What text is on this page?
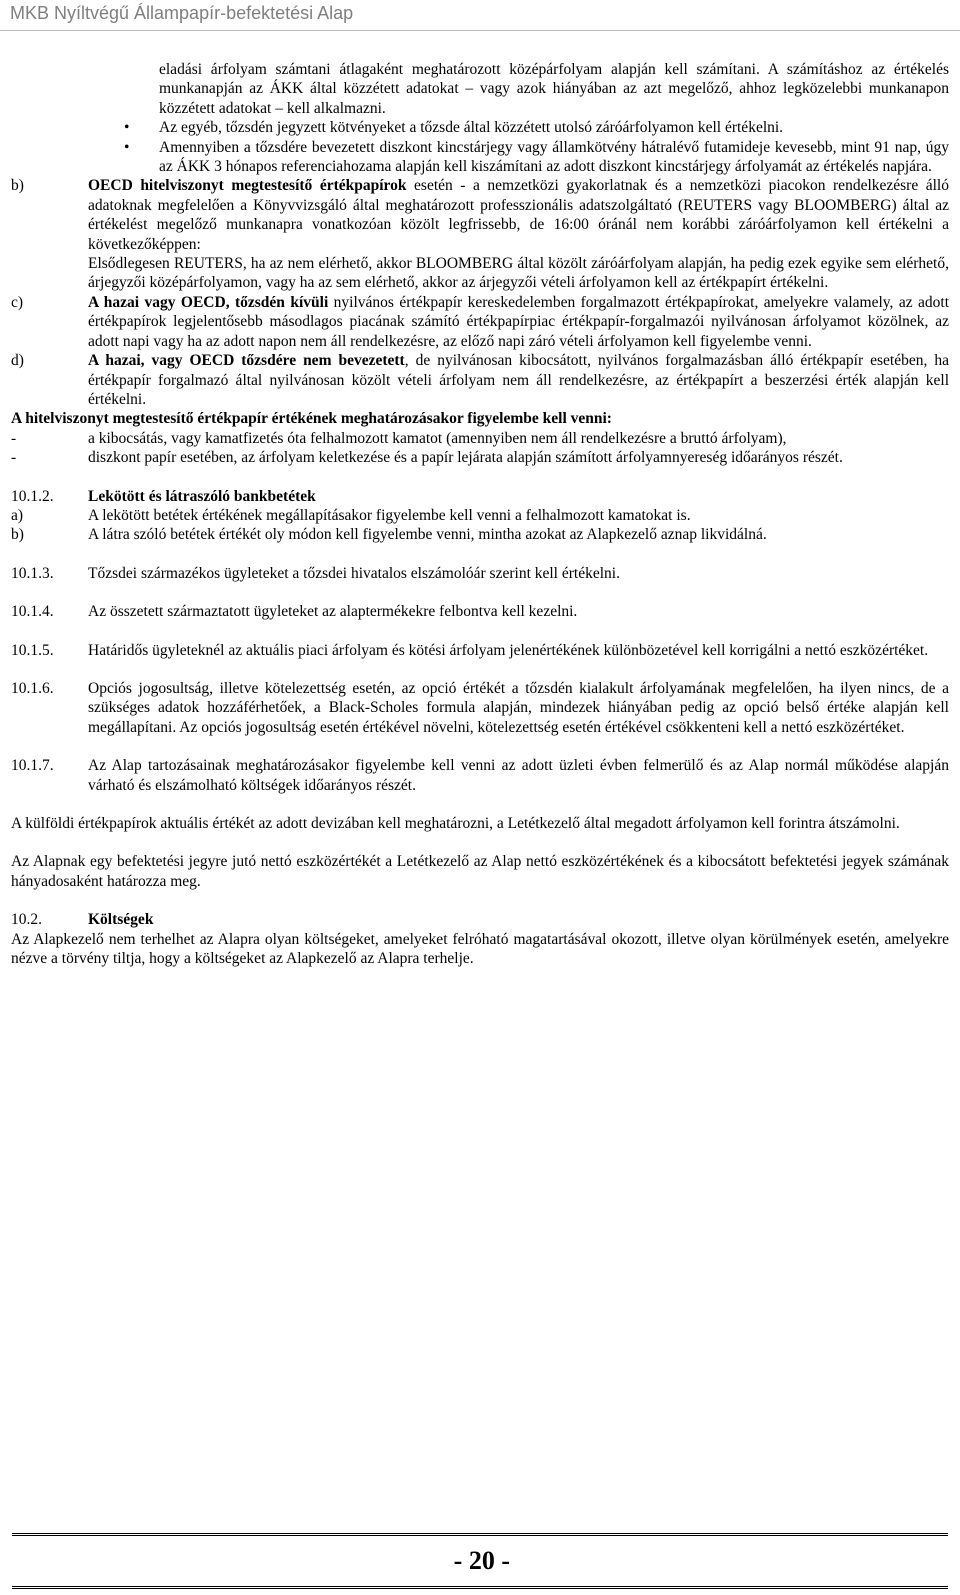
MKB Nyíltvégű Állampapír-befektetési Alap

eladási árfolyam számtani átlagaként meghatározott középárfolyam alapján kell számítani. A számításhoz az értékelés munkanapján az ÁKK által közzétett adatokat – vagy azok hiányában az azt megelőző, ahhoz legközelebbi munkanapon közzétett adatokat – kell alkalmazni.

• Az egyéb, tőzsdén jegyzett kötvényeket a tőzsde által közzétett utolsó záróárfolyamon kell értékelni.

• Amennyiben a tőzsdére bevezetett diszkont kincstárjegy vagy államkötvény hátralévő futamideje kevesebb, mint 91 nap, úgy az ÁKK 3 hónapos referenciahozama alapján kell kiszámítani az adott diszkont kincstárjegy árfolyamát az értékelés napjára.

b)	OECD hitelviszonyt megtestesítő értékpapírok esetén - a nemzetközi gyakorlatnak és a nemzetközi piacokon rendelkezésre álló adatoknak megfelelően a Könyvvizsgáló által meghatározott professzionális adatszolgáltató (REUTERS vagy BLOOMBERG) által az értékelést megelőző munkanapra vonatkozóan közölt legfrissebb, de 16:00 óránál nem korábbi záróárfolyamon kell értékelni a következőképpen:

Elsődlegesen REUTERS, ha az nem elérhető, akkor BLOOMBERG által közölt záróárfolyam alapján, ha pedig ezek egyike sem elérhető, árjegyzői középárfolyamon, vagy ha az sem elérhető, akkor az árjegyzői vételi árfolyamon kell az értékpapírt értékelni.

c)	A hazai vagy OECD, tőzsdén kívüli nyilvános értékpapír kereskedelemben forgalmazott értékpapírokat, amelyekre valamely, az adott értékpapírok legjelentősebb másodlagos piacának számító értékpapírpiac értékpapír-forgalmazói nyilvánosan árfolyamot közölnek, az adott napi vagy ha az adott napon nem áll rendelkezésre, az előző napi záró vételi árfolyamon kell figyelembe venni.

d)	A hazai, vagy OECD tőzsdére nem bevezetett, de nyilvánosan kibocsátott, nyilvános forgalmazásban álló értékpapír esetében, ha értékpapír forgalmazó által nyilvánosan közölt vételi árfolyam nem áll rendelkezésre, az értékpapírt a beszerzési érték alapján kell értékelni.

A hitelviszonyt megtestesítő értékpapír értékének meghatározásakor figyelembe kell venni:

-	a kibocsátás, vagy kamatfizetés óta felhalmozott kamatot (amennyiben nem áll rendelkezésre a bruttó árfolyam),

-	diszkont papír esetében, az árfolyam keletkezése és a papír lejárata alapján számított árfolyamnyereség időarányos részét.

10.1.2. Lekötött és látraszóló bankbetétek

a)	A lekötött betétek értékének megállapításakor figyelembe kell venni a felhalmozott kamatokat is.

b)	A látra szóló betétek értékét oly módon kell figyelembe venni, mintha azokat az Alapkezelő aznap likvidálná.

10.1.3. Tőzsdei származékos ügyleteket a tőzsdei hivatalos elszámolóár szerint kell értékelni.

10.1.4. Az összetett származtatott ügyleteket az alaptermékekre felbontva kell kezelni.

10.1.5. Határidős ügyleteknél az aktuális piaci árfolyam és kötési árfolyam jelenértékének különbözetével kell korrigálni a nettó eszközértéket.

10.1.6. Opciós jogosultság, illetve kötelezettség esetén, az opció értékét a tőzsdén kialakult árfolyamának megfelelően, ha ilyen nincs, de a szükséges adatok hozzáférhetőek, a Black-Scholes formula alapján, mindezek hiányában pedig az opció belső értéke alapján kell megállapítani. Az opciós jogosultság esetén értékével növelni, kötelezettség esetén értékével csökkenteni kell a nettó eszközértéket.

10.1.7. Az Alap tartozásainak meghatározásakor figyelembe kell venni az adott üzleti évben felmerülő és az Alap normál működése alapján várható és elszámolható költségek időarányos részét.

A külföldi értékpapírok aktuális értékét az adott devizában kell meghatározni, a Letétkezelő által megadott árfolyamon kell forintra átszámolni.

Az Alapnak egy befektetési jegyre jutó nettó eszközértékét a Letétkezelő az Alap nettó eszközértékének és a kibocsátott befektetési jegyek számának hányadosaként határozza meg.

10.2.	Költségek

Az Alapkezelő nem terhelhet az Alapra olyan költségeket, amelyeket felróható magatartásával okozott, illetve olyan körülmények esetén, amelyekre nézve a törvény tiltja, hogy a költségeket az Alapkezelő az Alapra terhelje.

- 20 -
